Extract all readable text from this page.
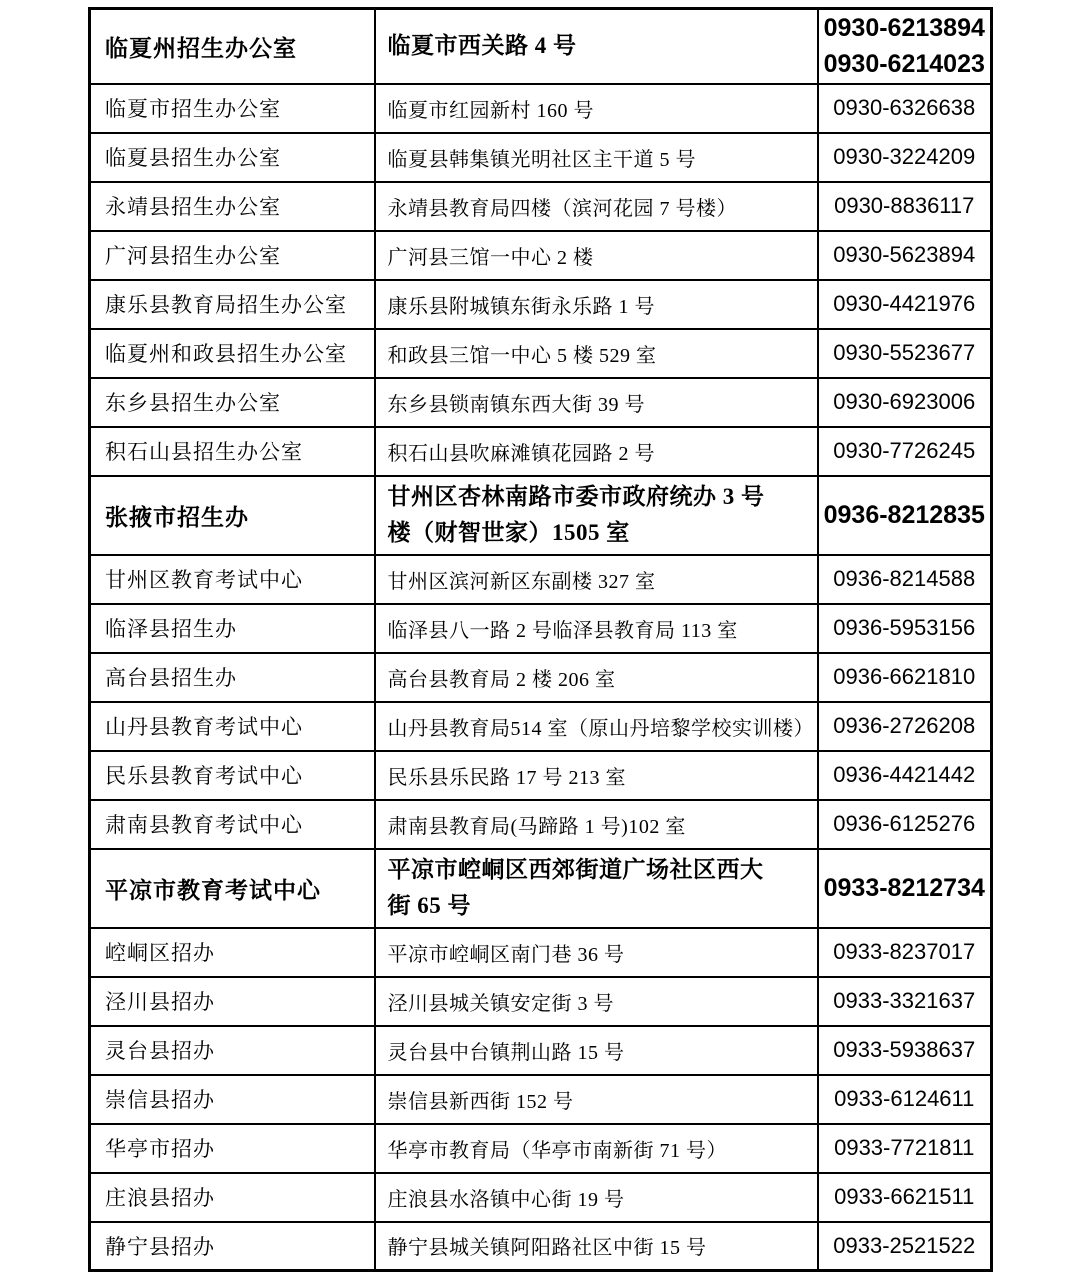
临夏州招生办公室	临夏市西关路 4 号	0930-6213894
0930-6214023

临夏市招生办公室	临夏市红园新村 160 号	0930-6326638

临夏县招生办公室	临夏县韩集镇光明社区主干道 5 号	0930-3224209

永靖县招生办公室	永靖县教育局四楼（滨河花园 7 号楼）	0930-8836117

广河县招生办公室	广河县三馆一中心 2 楼	0930-5623894

康乐县教育局招生办公室	康乐县附城镇东街永乐路 1 号	0930-4421976

临夏州和政县招生办公室	和政县三馆一中心 5 楼 529 室	0930-5523677

东乡县招生办公室	东乡县锁南镇东西大街 39 号	0930-6923006

积石山县招生办公室	积石山县吹麻滩镇花园路 2 号	0930-7726245

张掖市招生办	甘州区杏林南路市委市政府统办 3 号楼（财智世家）1505 室	0936-8212835

甘州区教育考试中心	甘州区滨河新区东副楼 327 室	0936-8214588

临泽县招生办	临泽县八一路 2 号临泽县教育局 113 室	0936-5953156

高台县招生办	高台县教育局 2 楼 206 室	0936-6621810

山丹县教育考试中心	山丹县教育局514 室（原山丹培黎学校实训楼）	0936-2726208

民乐县教育考试中心	民乐县乐民路 17 号 213 室	0936-4421442

肃南县教育考试中心	肃南县教育局(马蹄路 1 号)102 室	0936-6125276

平凉市教育考试中心	平凉市崆峒区西郊街道广场社区西大街 65 号	0933-8212734

崆峒区招办	平凉市崆峒区南门巷 36 号	0933-8237017

泾川县招办	泾川县城关镇安定街 3 号	0933-3321637

灵台县招办	灵台县中台镇荆山路 15 号	0933-5938637

崇信县招办	崇信县新西街 152 号	0933-6124611

华亭市招办	华亭市教育局（华亭市南新街 71 号）	0933-7721811

庄浪县招办	庄浪县水洛镇中心街 19 号	0933-6621511

静宁县招办	静宁县城关镇阿阳路社区中街 15 号	0933-2521522
